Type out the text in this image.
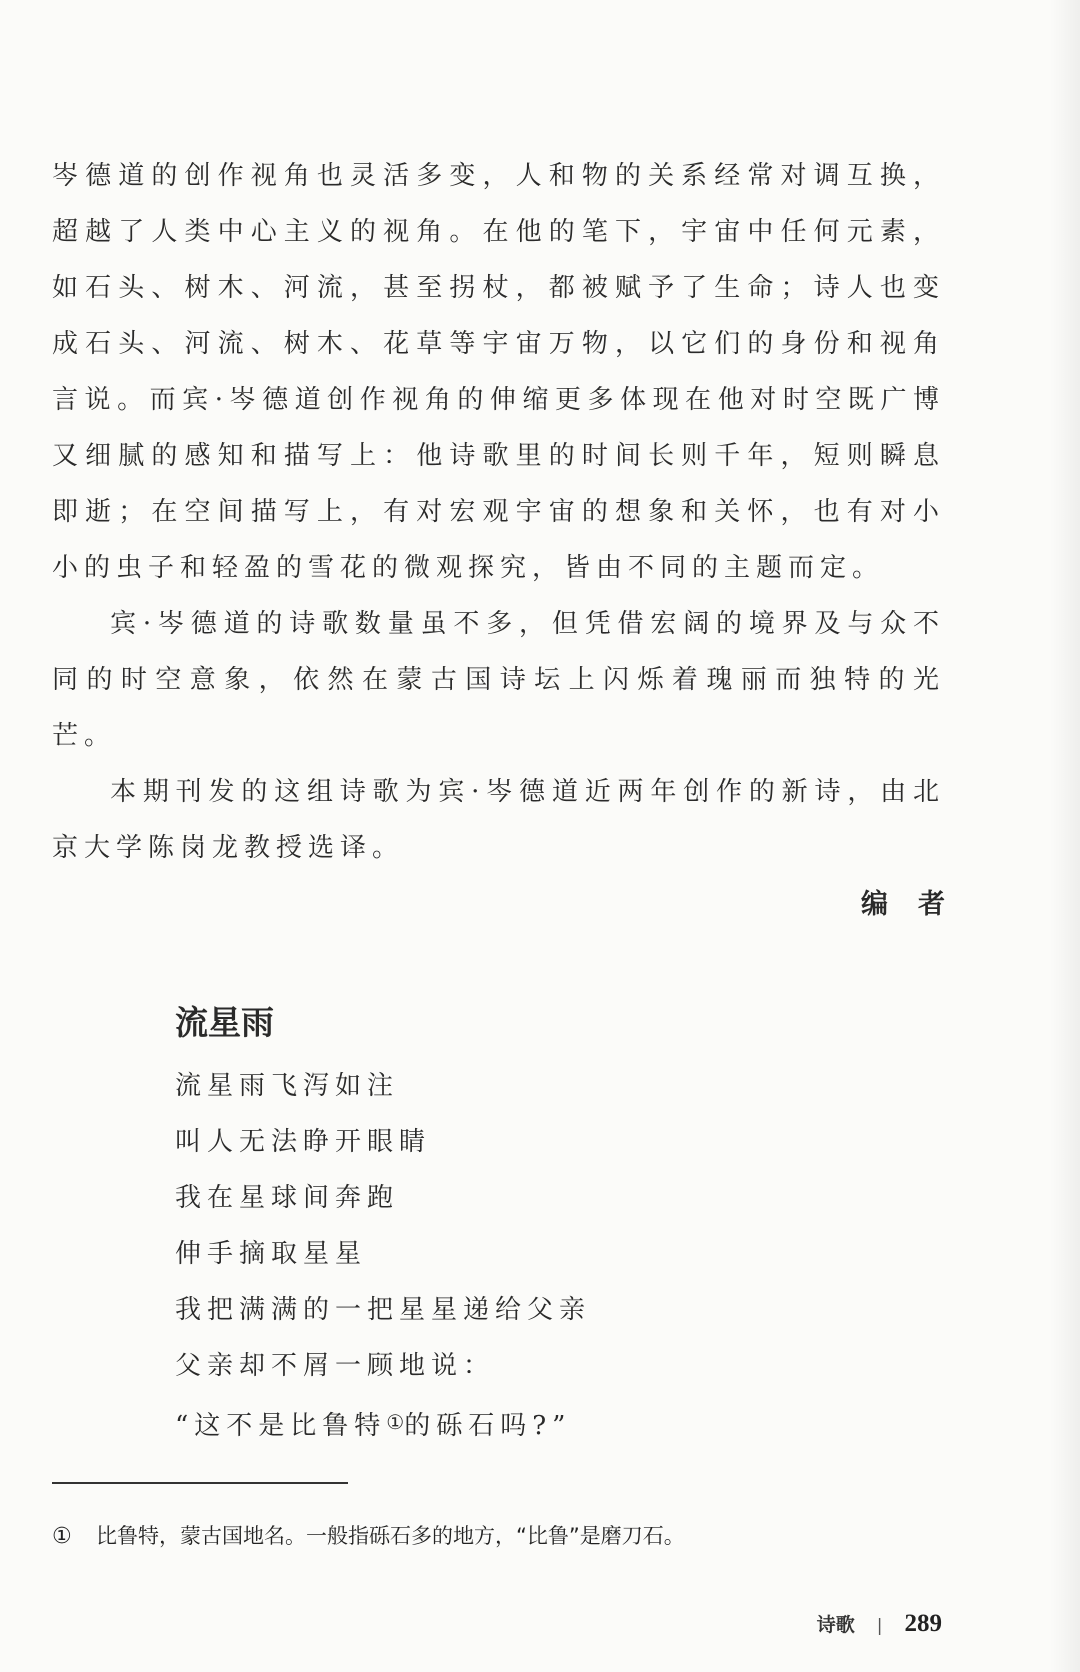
岑德道的创作视角也灵活多变，人和物的关系经常对调互换，超越了人类中心主义的视角。在他的笔下，宇宙中任何元素，如石头、树木、河流，甚至拐杖，都被赋予了生命；诗人也变成石头、河流、树木、花草等宇宙万物，以它们的身份和视角言说。而宾·岑德道创作视角的伸缩更多体现在他对时空既广博又细腻的感知和描写上：他诗歌里的时间长则千年，短则瞬息即逝；在空间描写上，有对宏观宇宙的想象和关怀，也有对小小的虫子和轻盈的雪花的微观探究，皆由不同的主题而定。

宾·岑德道的诗歌数量虽不多，但凭借宏阔的境界及与众不同的时空意象，依然在蒙古国诗坛上闪烁着瑰丽而独特的光芒。

本期刊发的这组诗歌为宾·岑德道近两年创作的新诗，由北京大学陈岗龙教授选译。

编者
流星雨
流星雨飞泻如注
叫人无法睁开眼睛
我在星球间奔跑
伸手摘取星星
我把满满的一把星星递给父亲
父亲却不屑一顾地说：
“这不是比鲁特①的砾石吗?”
① 比鲁特，蒙古国地名。一般指砾石多的地方，“比鲁”是磨刀石。
诗歌 | 289
